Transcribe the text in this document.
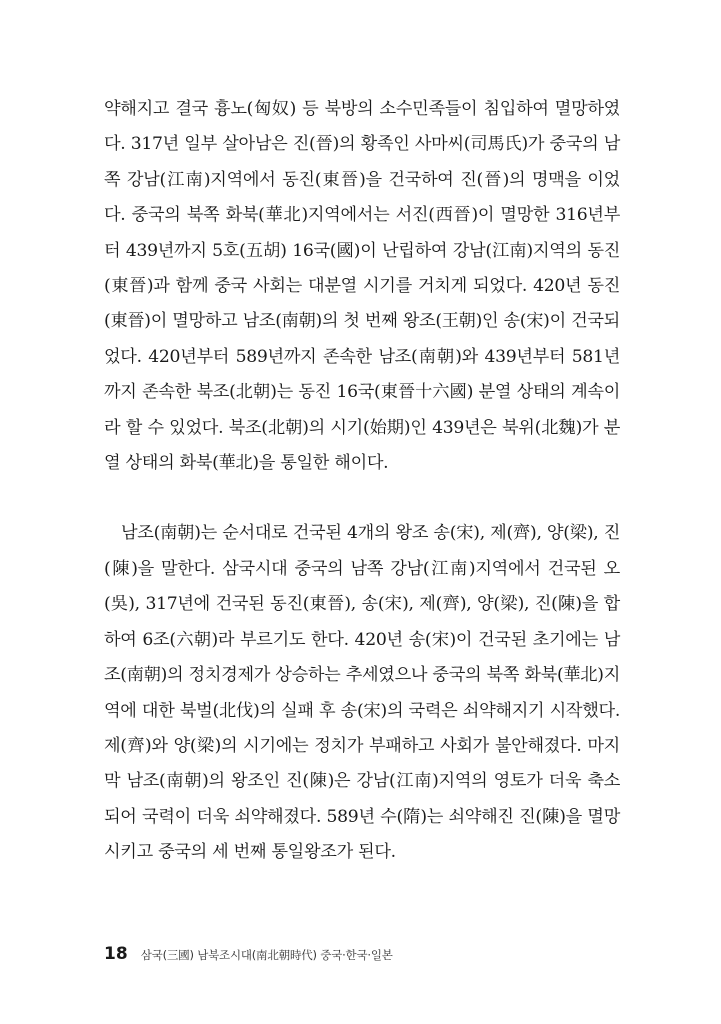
약해지고 결국 흉노(匈奴) 등 북방의 소수민족들이 침입하여 멸망하였다. 317년 일부 살아남은 진(晉)의 황족인 사마씨(司馬氏)가 중국의 남쪽 강남(江南)지역에서 동진(東晉)을 건국하여 진(晉)의 명맥을 이었다. 중국의 북쪽 화북(華北)지역에서는 서진(西晉)이 멸망한 316년부터 439년까지 5호(五胡) 16국(國)이 난립하여 강남(江南)지역의 동진(東晉)과 함께 중국 사회는 대분열 시기를 거치게 되었다. 420년 동진(東晉)이 멸망하고 남조(南朝)의 첫 번째 왕조(王朝)인 송(宋)이 건국되었다. 420년부터 589년까지 존속한 남조(南朝)와 439년부터 581년까지 존속한 북조(北朝)는 동진 16국(東晉十六國) 분열 상태의 계속이라 할 수 있었다. 북조(北朝)의 시기(始期)인 439년은 북위(北魏)가 분열 상태의 화북(華北)을 통일한 해이다.

남조(南朝)는 순서대로 건국된 4개의 왕조 송(宋), 제(齊), 양(梁), 진(陳)을 말한다. 삼국시대 중국의 남쪽 강남(江南)지역에서 건국된 오(吳), 317년에 건국된 동진(東晉), 송(宋), 제(齊), 양(梁), 진(陳)을 합하여 6조(六朝)라 부르기도 한다. 420년 송(宋)이 건국된 초기에는 남조(南朝)의 정치경제가 상승하는 추세였으나 중국의 북쪽 화북(華北)지역에 대한 북벌(北伐)의 실패 후 송(宋)의 국력은 쇠약해지기 시작했다. 제(齊)와 양(梁)의 시기에는 정치가 부패하고 사회가 불안해졌다. 마지막 남조(南朝)의 왕조인 진(陳)은 강남(江南)지역의 영토가 더욱 축소되어 국력이 더욱 쇠약해졌다. 589년 수(隋)는 쇠약해진 진(陳)을 멸망시키고 중국의 세 번째 통일왕조가 된다.

18 삼국(三國) 남북조시대(南北朝時代) 중국·한국·일본
